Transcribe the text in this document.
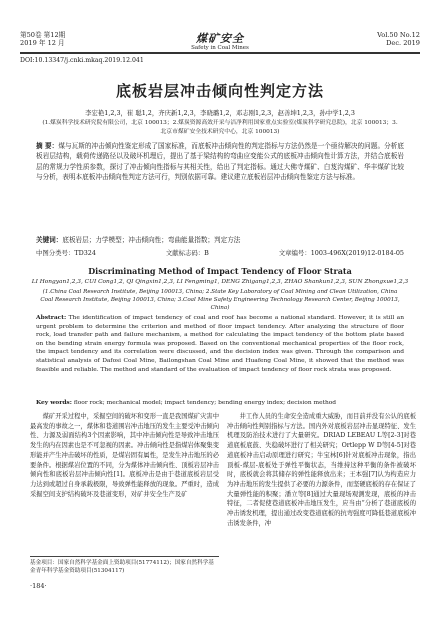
第50卷 第12期
2019 年 12 月	煤矿安全
Safety in Coal Mines
Vol.50 No.12
Dec. 2019
DOI:10.13347/j.cnki.mkaq.2019.12.041
底板岩层冲击倾向性判定方法
李宏艳1,2,3，崔 聪1,2，齐庆新1,2,3，李晓璐1,2，邓志刚1,2,3，赵善坤1,2,3，孙中学1,2,3
(1.煤炭科学技术研究院有限公司，北京 100013；2.煤炭资源高效开采与洁净利用国家重点实验室(煤炭科学研究总院)，北京 100013；3.北京市煤矿安全技术研究中心，北京 100013)
摘 要：煤与瓦斯的冲击倾向性鉴定形成了国家标准，而底板冲击倾向性的判定指标与方法仍然是一个亟待解决的问题。分析底板岩层结构，载荷传递路径以及破坏机理后，提出了基于梁结构的弯曲应变能公式的底板冲击倾向性计算方法，并结合底板岩层的常规力学性质参数，探讨了冲击倾向性指标与其相关性，给出了判定指标。通过大佛寺煤矿、白芨沟煤矿、华丰煤矿比较与分析，表明本底板冲击倾向性判定方法可行，判别依据可靠。建议建立底板岩层冲击倾向性鉴定方法与标准。
关键词：底板岩层；力学模型；冲击倾向性；弯曲能量指数；判定方法
中图分类号：TD324	文献标志码：B	文章编号：1003-496X(2019)12-0184-05
Discriminating Method of Impact Tendency of Floor Strata
LI Hongyan1,2,3, CUI Cong1,2, QI Qingxin1,2,3, LI Fengming1, DENG Zhigang1,2,3, ZHAO Shankun1,2,3, SUN Zhongxue1,2,3
(1.China Coal Research Institute, Beijing 100013, China; 2.State Key Laboratory of Coal Mining and Clean Utilization, China Coal Research Institute, Beijing 100013, China; 3.Coal Mine Safety Engineering Technology Research Center, Beijing 100013, China)
Abstract: The identification of impact tendency of coal and roof has become a national standard. However, it is still an urgent problem to determine the criterion and method of floor impact tendency. After analyzing the structure of floor rock, load transfer path and failure mechanism, a method for calculating the impact tendency of the bottom plate based on the bending strain energy formula was proposed. Based on the conventional mechanical properties of the floor rock, the impact tendency and its correlation were discussed, and the decision index was given. Through the comparison and statistical analysis of Dafosi Coal Mine, Bailongshan Coal Mine and Huafeng Coal Mine, it showed that the method was feasible and reliable. The method and standard of the evaluation of impact tendency of floor rock strata was proposed.
Key words: floor rock; mechanical model; impact tendency; bending energy index; decision method

煤矿开采过程中，采掘空间的破坏和变形一直是我国煤矿灾害中最高发的事故之一，煤体和巷道围岩冲击地压的发生主要受冲击倾向性、力源及弱面结构3个因素影响，其中冲击倾向性是导致冲击地压发生的内在因素也是不可忽视的因素。冲击倾向性是指煤岩体聚集变形能并产生冲击破坏的性质，是煤岩固有属性，是发生冲击地压的必要条件。根据煤岩位置的不同，分为煤体冲击倾向性、顶板岩层冲击倾向性和底板岩层冲击倾向性[1]。底板冲击是由于巷道底板岩层受力达到或超过自身承载极限，导致弹性能释放的现象。严重时，造成采掘空间支护结构破坏及巷道变形，对矿井安全生产及矿

井工作人员的生命安全造成重大威胁，而目前并没有公认的底板冲击倾向性判别指标与方法。国内外对底板岩层冲击显现特征、发生机理及防治技术进行了大量研究。DRIAD LEBEAU L等[2-3]对巷道底板底鼓、失稳破坏进行了相关研究；Ortlepp W D等[4-5]对巷道底板冲击启动原理进行研究；牛宝林[6]针对底板冲击现象，指出顶板-煤层-底板处于弹性平衡状态，当维持这种平衡的条件被破坏时，底板就会将其储存的弹性能释放出来；王本强[7]认为构造应力为冲击地压的发生提供了必要的力源条件，而坚硬底板的存在保证了大量弹性能的积聚；潘立等[8]通过大量现场观测发现，底板的冲击特征，二者促使巷道底板冲击地压发生，应当由“分析了巷道底板的冲击诱发机理，提出通过改变巷道底板的抗弯强度可降低巷道底板冲击诱发条件，冲

基金项目：国家自然科学基金面上资助项目(51774112)；国家自然科学基金青年科学基金资助项目(51304117)
·184·
